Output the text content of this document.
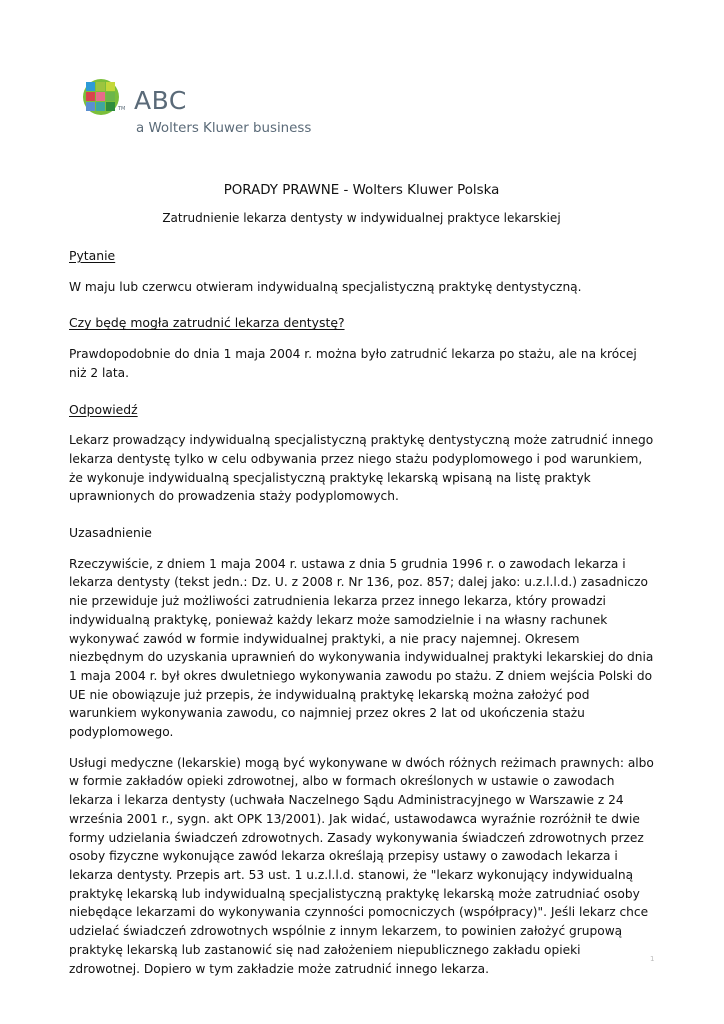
TM ABC
a Wolters Kluwer business

PORADY PRAWNE - Wolters Kluwer Polska

Zatrudnienie lekarza dentysty w indywidualnej praktyce lekarskiej

Pytanie

W maju lub czerwcu otwieram indywidualną specjalistyczną praktykę dentystyczną.

Czy będę mogła zatrudnić lekarza dentystę?

Prawdopodobnie do dnia 1 maja 2004 r. można było zatrudnić lekarza po stażu, ale na krócej niż 2 lata.

Odpowiedź

Lekarz prowadzący indywidualną specjalistyczną praktykę dentystyczną może zatrudnić innego lekarza dentystę tylko w celu odbywania przez niego stażu podyplomowego i pod warunkiem, że wykonuje indywidualną specjalistyczną praktykę lekarską wpisaną na listę praktyk uprawnionych do prowadzenia staży podyplomowych.

Uzasadnienie

Rzeczywiście, z dniem 1 maja 2004 r. ustawa z dnia 5 grudnia 1996 r. o zawodach lekarza i lekarza dentysty (tekst jedn.: Dz. U. z 2008 r. Nr 136, poz. 857; dalej jako: u.z.l.l.d.) zasadniczo nie przewiduje już możliwości zatrudnienia lekarza przez innego lekarza, który prowadzi indywidualną praktykę, ponieważ każdy lekarz może samodzielnie i na własny rachunek wykonywać zawód w formie indywidualnej praktyki, a nie pracy najemnej. Okresem niezbędnym do uzyskania uprawnień do wykonywania indywidualnej praktyki lekarskiej do dnia 1 maja 2004 r. był okres dwuletniego wykonywania zawodu po stażu. Z dniem wejścia Polski do UE nie obowiązuje już przepis, że indywidualną praktykę lekarską można założyć pod warunkiem wykonywania zawodu, co najmniej przez okres 2 lat od ukończenia stażu podyplomowego.

Usługi medyczne (lekarskie) mogą być wykonywane w dwóch różnych reżimach prawnych: albo w formie zakładów opieki zdrowotnej, albo w formach określonych w ustawie o zawodach lekarza i lekarza dentysty (uchwała Naczelnego Sądu Administracyjnego w Warszawie z 24 września 2001 r., sygn. akt OPK 13/2001). Jak widać, ustawodawca wyraźnie rozróżnił te dwie formy udzielania świadczeń zdrowotnych. Zasady wykonywania świadczeń zdrowotnych przez osoby fizyczne wykonujące zawód lekarza określają przepisy ustawy o zawodach lekarza i lekarza dentysty. Przepis art. 53 ust. 1 u.z.l.l.d. stanowi, że "lekarz wykonujący indywidualną praktykę lekarską lub indywidualną specjalistyczną praktykę lekarską może zatrudniać osoby niebędące lekarzami do wykonywania czynności pomocniczych (współpracy)". Jeśli lekarz chce udzielać świadczeń zdrowotnych wspólnie z innym lekarzem, to powinien założyć grupową praktykę lekarską lub zastanowić się nad założeniem niepublicznego zakładu opieki zdrowotnej. Dopiero w tym zakładzie może zatrudnić innego lekarza.

1
